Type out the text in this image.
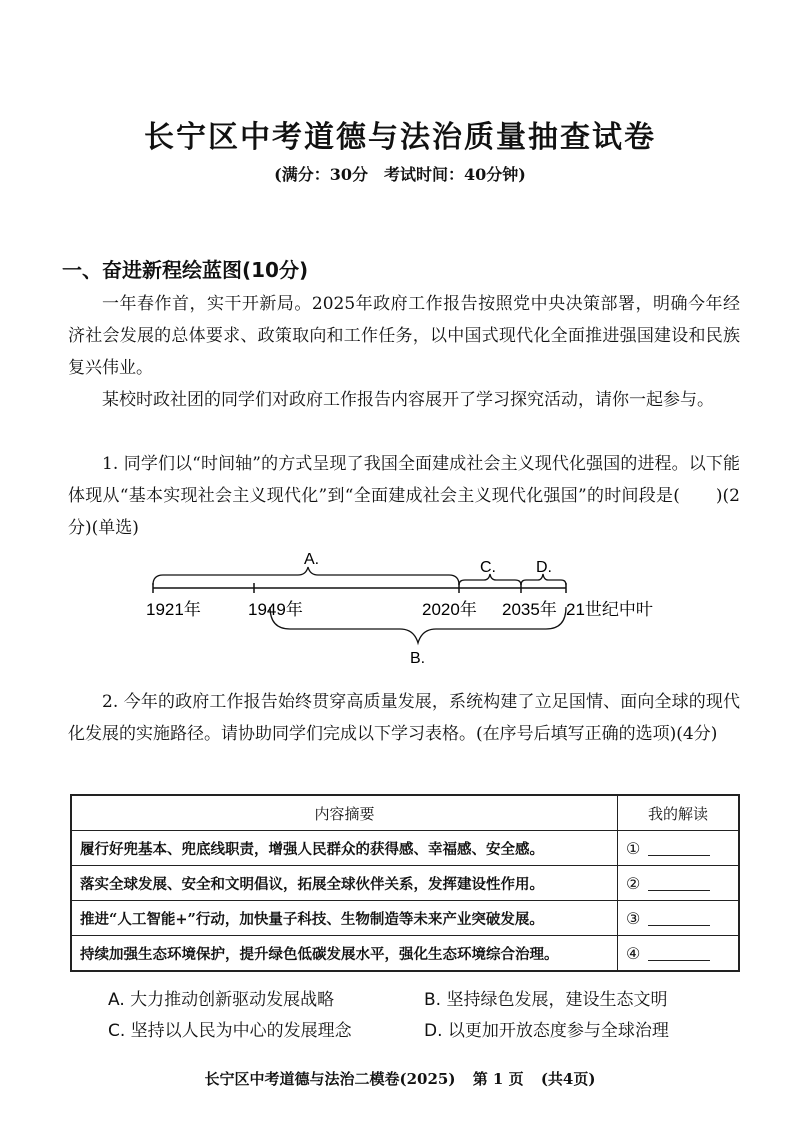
长宁区中考道德与法治质量抽查试卷
(满分：30分　考试时间：40分钟)
一、奋进新程绘蓝图(10分)
一年春作首，实干开新局。2025年政府工作报告按照党中央决策部署，明确今年经济社会发展的总体要求、政策取向和工作任务，以中国式现代化全面推进强国建设和民族复兴伟业。
某校时政社团的同学们对政府工作报告内容展开了学习探究活动，请你一起参与。
1. 同学们以“时间轴”的方式呈现了我国全面建成社会主义现代化强国的进程。以下能体现从“基本实现社会主义现代化”到“全面建成社会主义现代化强国”的时间段是( )(2分)(单选)
A.	C.	D.
B.
1921年	1949年	2020年 2035年 21世纪中叶
2. 今年的政府工作报告始终贯穿高质量发展，系统构建了立足国情、面向全球的现代化发展的实施路径。请协助同学们完成以下学习表格。(在序号后填写正确的选项)(4分)
内容摘要	我的解读
履行好兜基本、兜底线职责，增强人民群众的获得感、幸福感、安全感。	①
落实全球发展、安全和文明倡议，拓展全球伙伴关系，发挥建设性作用。	②
推进“人工智能+”行动，加快量子科技、生物制造等未来产业突破发展。	③
持续加强生态环境保护，提升绿色低碳发展水平，强化生态环境综合治理。	④
A. 大力推动创新驱动发展战略	B. 坚持绿色发展，建设生态文明
C. 坚持以人民为中心的发展理念	D. 以更加开放态度参与全球治理
长宁区中考道德与法治二模卷(2025) 第 1 页 (共4页)
